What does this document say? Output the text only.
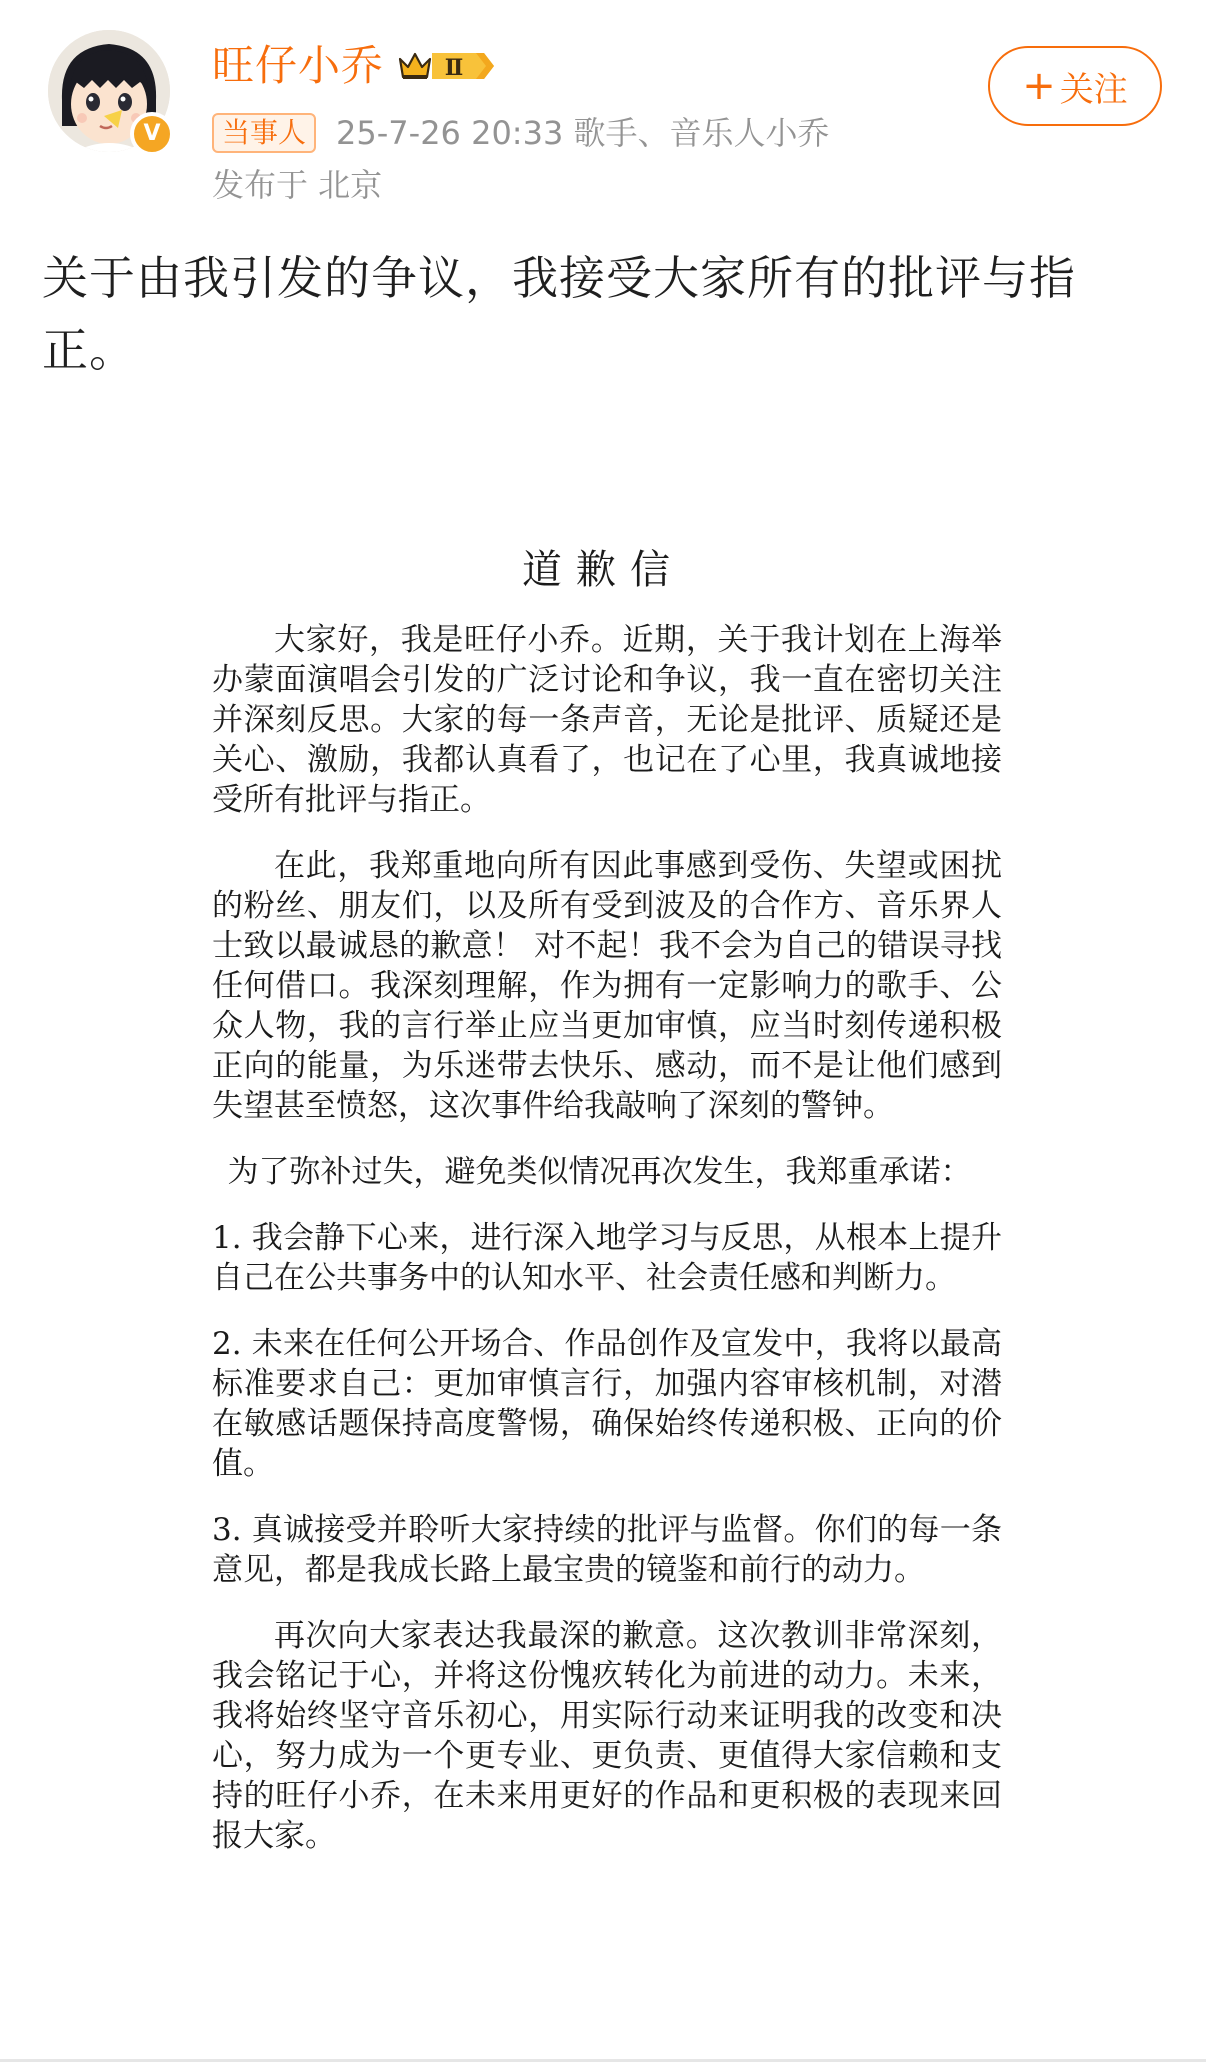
V
旺仔小乔	Ⅱ
当事人 25-7-26 20:33 歌手、音乐人小乔
发布于 北京
+ 关注
关于由我引发的争议，我接受大家所有的批评与指正。
道歉信

大家好，我是旺仔小乔。近期，关于我计划在上海举办蒙面演唱会引发的广泛讨论和争议，我一直在密切关注并深刻反思。大家的每一条声音，无论是批评、质疑还是关心、激励，我都认真看了，也记在了心里，我真诚地接受所有批评与指正。

在此，我郑重地向所有因此事感到受伤、失望或困扰的粉丝、朋友们，以及所有受到波及的合作方、音乐界人士致以最诚恳的歉意！ 对不起！我不会为自己的错误寻找任何借口。我深刻理解，作为拥有一定影响力的歌手、公众人物，我的言行举止应当更加审慎，应当时刻传递积极正向的能量，为乐迷带去快乐、感动，而不是让他们感到失望甚至愤怒，这次事件给我敲响了深刻的警钟。

为了弥补过失，避免类似情况再次发生，我郑重承诺：

1. 我会静下心来，进行深入地学习与反思，从根本上提升自己在公共事务中的认知水平、社会责任感和判断力。

2. 未来在任何公开场合、作品创作及宣发中，我将以最高标准要求自己：更加审慎言行，加强内容审核机制，对潜在敏感话题保持高度警惕，确保始终传递积极、正向的价值。

3. 真诚接受并聆听大家持续的批评与监督。你们的每一条意见，都是我成长路上最宝贵的镜鉴和前行的动力。

再次向大家表达我最深的歉意。这次教训非常深刻，我会铭记于心，并将这份愧疚转化为前进的动力。未来，我将始终坚守音乐初心，用实际行动来证明我的改变和决心，努力成为一个更专业、更负责、更值得大家信赖和支持的旺仔小乔，在未来用更好的作品和更积极的表现来回报大家。
